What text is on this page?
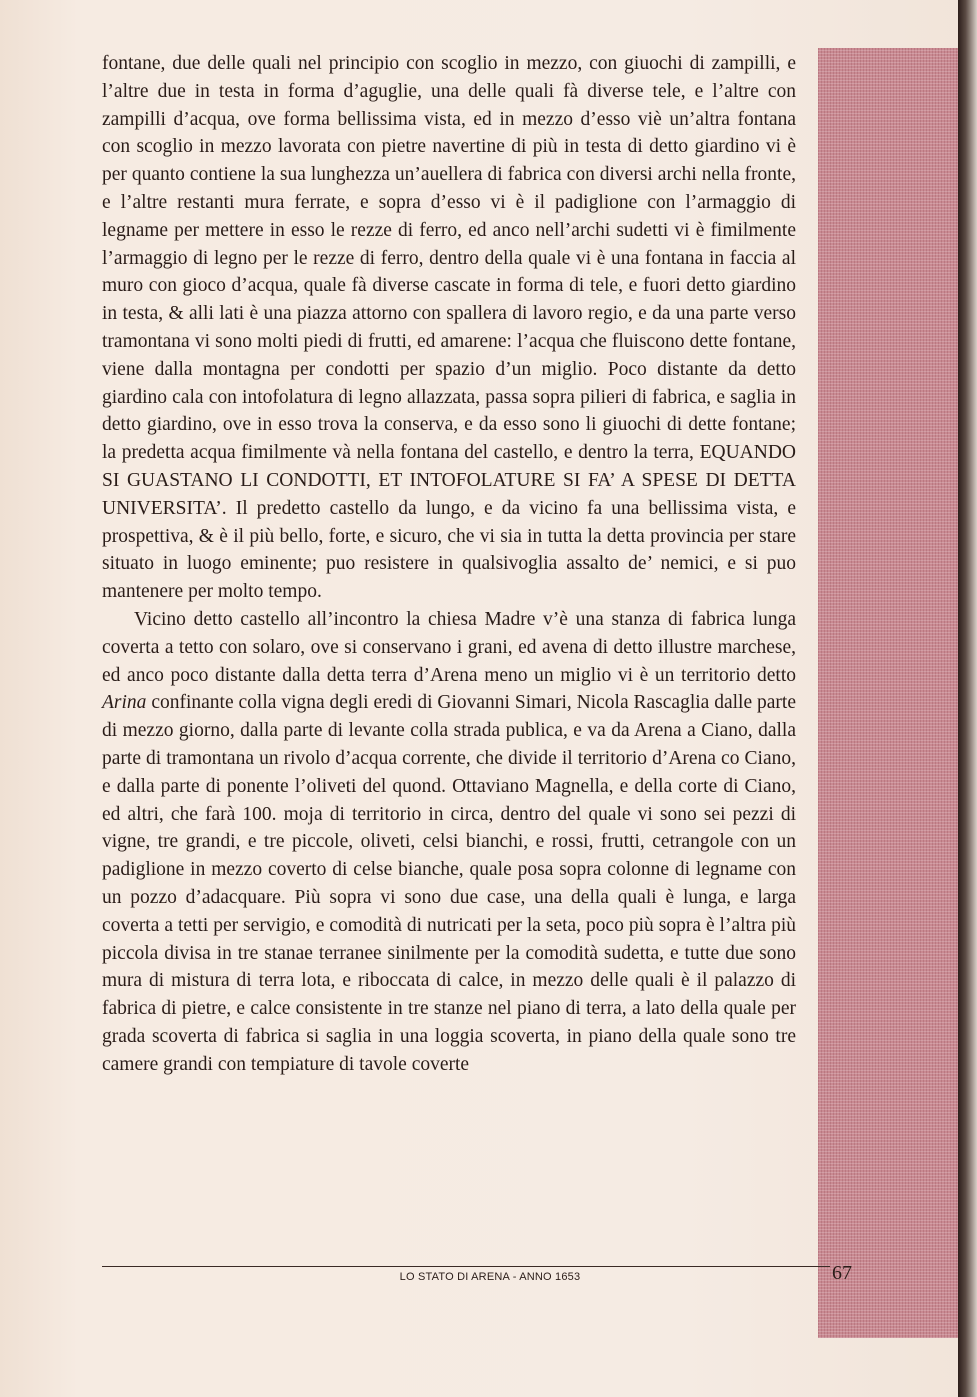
fontane, due delle quali nel principio con scoglio in mezzo, con giuochi di zampilli, e l’altre due in testa in forma d’aguglie, una delle quali fà diverse tele, e l’altre con zampilli d’acqua, ove forma bellissima vista, ed in mezzo d’esso viè un’altra fontana con scoglio in mezzo lavorata con pietre navertine di più in testa di detto giardino vi è per quanto contiene la sua lunghezza un’auellera di fabrica con diversi archi nella fronte, e l’altre restanti mura ferrate, e sopra d’esso vi è il padiglione con l’armaggio di legname per mettere in esso le rezze di ferro, ed anco nell’archi sudetti vi è fimilmente l’armaggio di legno per le rezze di ferro, dentro della quale vi è una fontana in faccia al muro con gioco d’acqua, quale fà diverse cascate in forma di tele, e fuori detto giardino in testa, & alli lati è una piazza attorno con spallera di lavoro regio, e da una parte verso tramontana vi sono molti piedi di frutti, ed amarene: l’acqua che fluiscono dette fontane, viene dalla montagna per condotti per spazio d’un miglio. Poco distante da detto giardino cala con intofolatura di legno allazzata, passa sopra pilieri di fabrica, e saglia in detto giardino, ove in esso trova la conserva, e da esso sono li giuochi di dette fontane; la predetta acqua fimilmente và nella fontana del castello, e dentro la terra, EQUANDO SI GUASTANO LI CONDOTTI, ET INTOFOLATURE SI FA’ A SPESE DI DETTA UNIVERSITA’. Il predetto castello da lungo, e da vicino fa una bellissima vista, e prospettiva, & è il più bello, forte, e sicuro, che vi sia in tutta la detta provincia per stare situato in luogo eminente; puo resistere in qualsivoglia assalto de’ nemici, e si puo mantenere per molto tempo.

Vicino detto castello all’incontro la chiesa Madre v’è una stanza di fabrica lunga coverta a tetto con solaro, ove si conservano i grani, ed avena di detto illustre marchese, ed anco poco distante dalla detta terra d’Arena meno un miglio vi è un territorio detto Arina confinante colla vigna degli eredi di Giovanni Simari, Nicola Rascaglia dalle parte di mezzo giorno, dalla parte di levante colla strada publica, e va da Arena a Ciano, dalla parte di tramontana un rivolo d’acqua corrente, che divide il territorio d’Arena co Ciano, e dalla parte di ponente l’oliveti del quond. Ottaviano Magnella, e della corte di Ciano, ed altri, che farà 100. moja di territorio in circa, dentro del quale vi sono sei pezzi di vigne, tre grandi, e tre piccole, oliveti, celsi bianchi, e rossi, frutti, cetrangole con un padiglione in mezzo coverto di celse bianche, quale posa sopra colonne di legname con un pozzo d’adacquare. Più sopra vi sono due case, una della quali è lunga, e larga coverta a tetti per servigio, e comodità di nutricati per la seta, poco più sopra è l’altra più piccola divisa in tre stanae terranee sinilmente per la comodità sudetta, e tutte due sono mura di mistura di terra lota, e riboccata di calce, in mezzo delle quali è il palazzo di fabrica di pietre, e calce consistente in tre stanze nel piano di terra, a lato della quale per grada scoverta di fabrica si saglia in una loggia scoverta, in piano della quale sono tre camere grandi con tempiature di tavole coverte

LO STATO DI ARENA - ANNO 1653	67
